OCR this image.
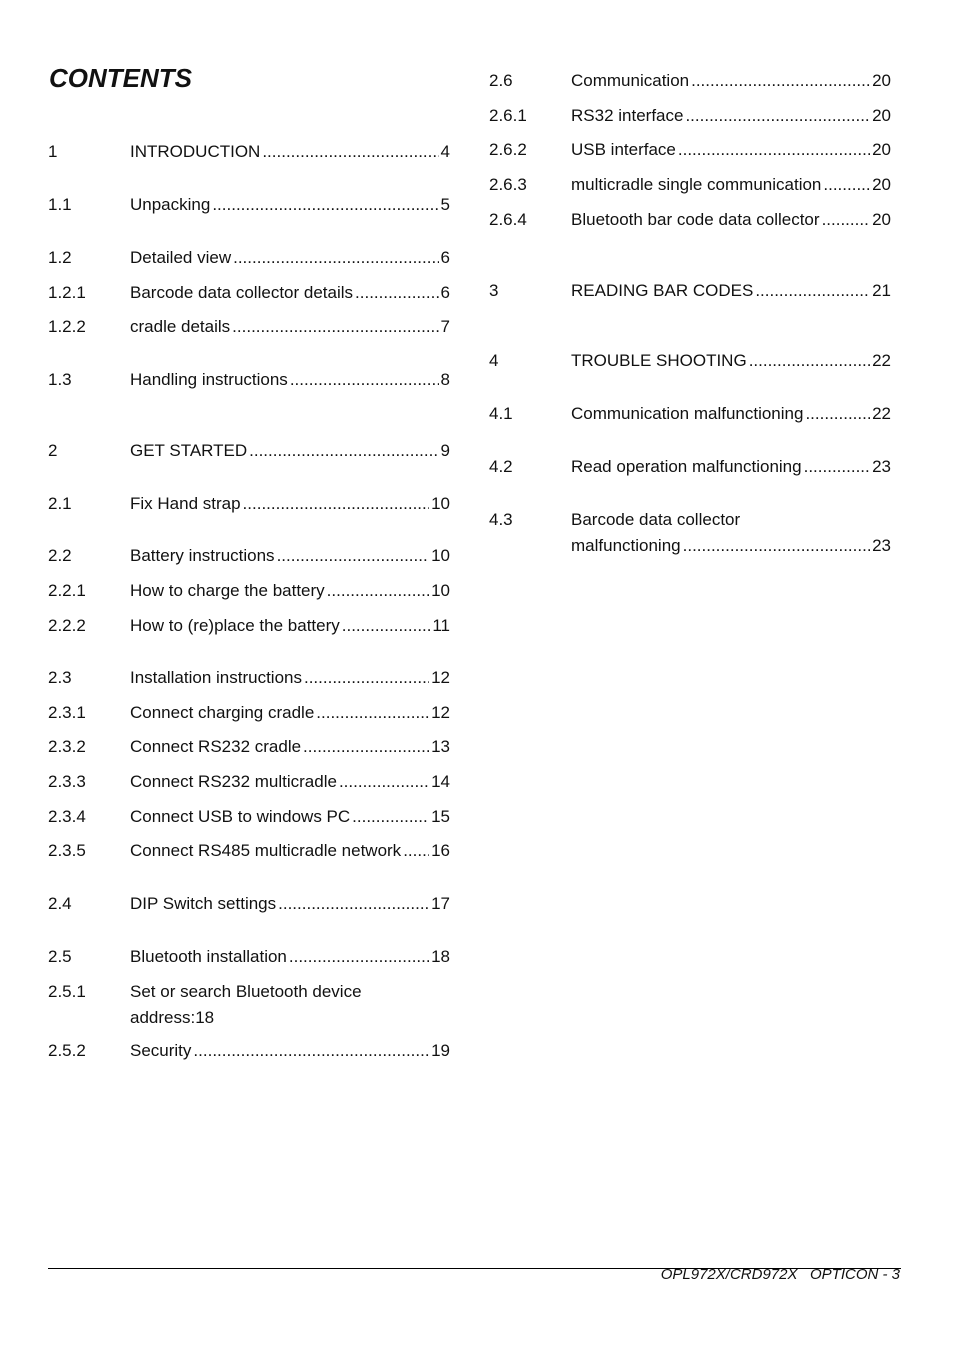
CONTENTS
1	INTRODUCTION .....	4
1.1	Unpacking .....	5
1.2	Detailed view .....	6
1.2.1	Barcode data collector details .....	6
1.2.2	cradle details .....	7
1.3	Handling instructions .....	8
2	GET STARTED .....	9
2.1	Fix Hand strap .....	10
2.2	Battery instructions .....	10
2.2.1	How to charge the battery .....	10
2.2.2	How to (re)place the battery .....	11
2.3	Installation instructions .....	12
2.3.1	Connect charging cradle .....	12
2.3.2	Connect RS232 cradle .....	13
2.3.3	Connect RS232 multicradle .....	14
2.3.4	Connect USB to windows PC .....	15
2.3.5	Connect RS485 multicradle network ..... 16
2.4	DIP Switch settings .....	17
2.5	Bluetooth installation .....	18
2.5.1	Set or search Bluetooth device
address:18
2.5.2	Security .....	19
2.6	Communication .....	20
2.6.1	RS32 interface .....	20
2.6.2	USB interface .....	20
2.6.3	multicradle single communication .....	20
2.6.4	Bluetooth bar code data collector .....	20
3	READING BAR CODES .....	21
4	TROUBLE SHOOTING .....	22
4.1	Communication malfunctioning .....	22
4.2	Read operation malfunctioning .....	23
4.3	Barcode data collector
malfunctioning .....	23
OPL972X/CRD972X   OPTICON - 3
